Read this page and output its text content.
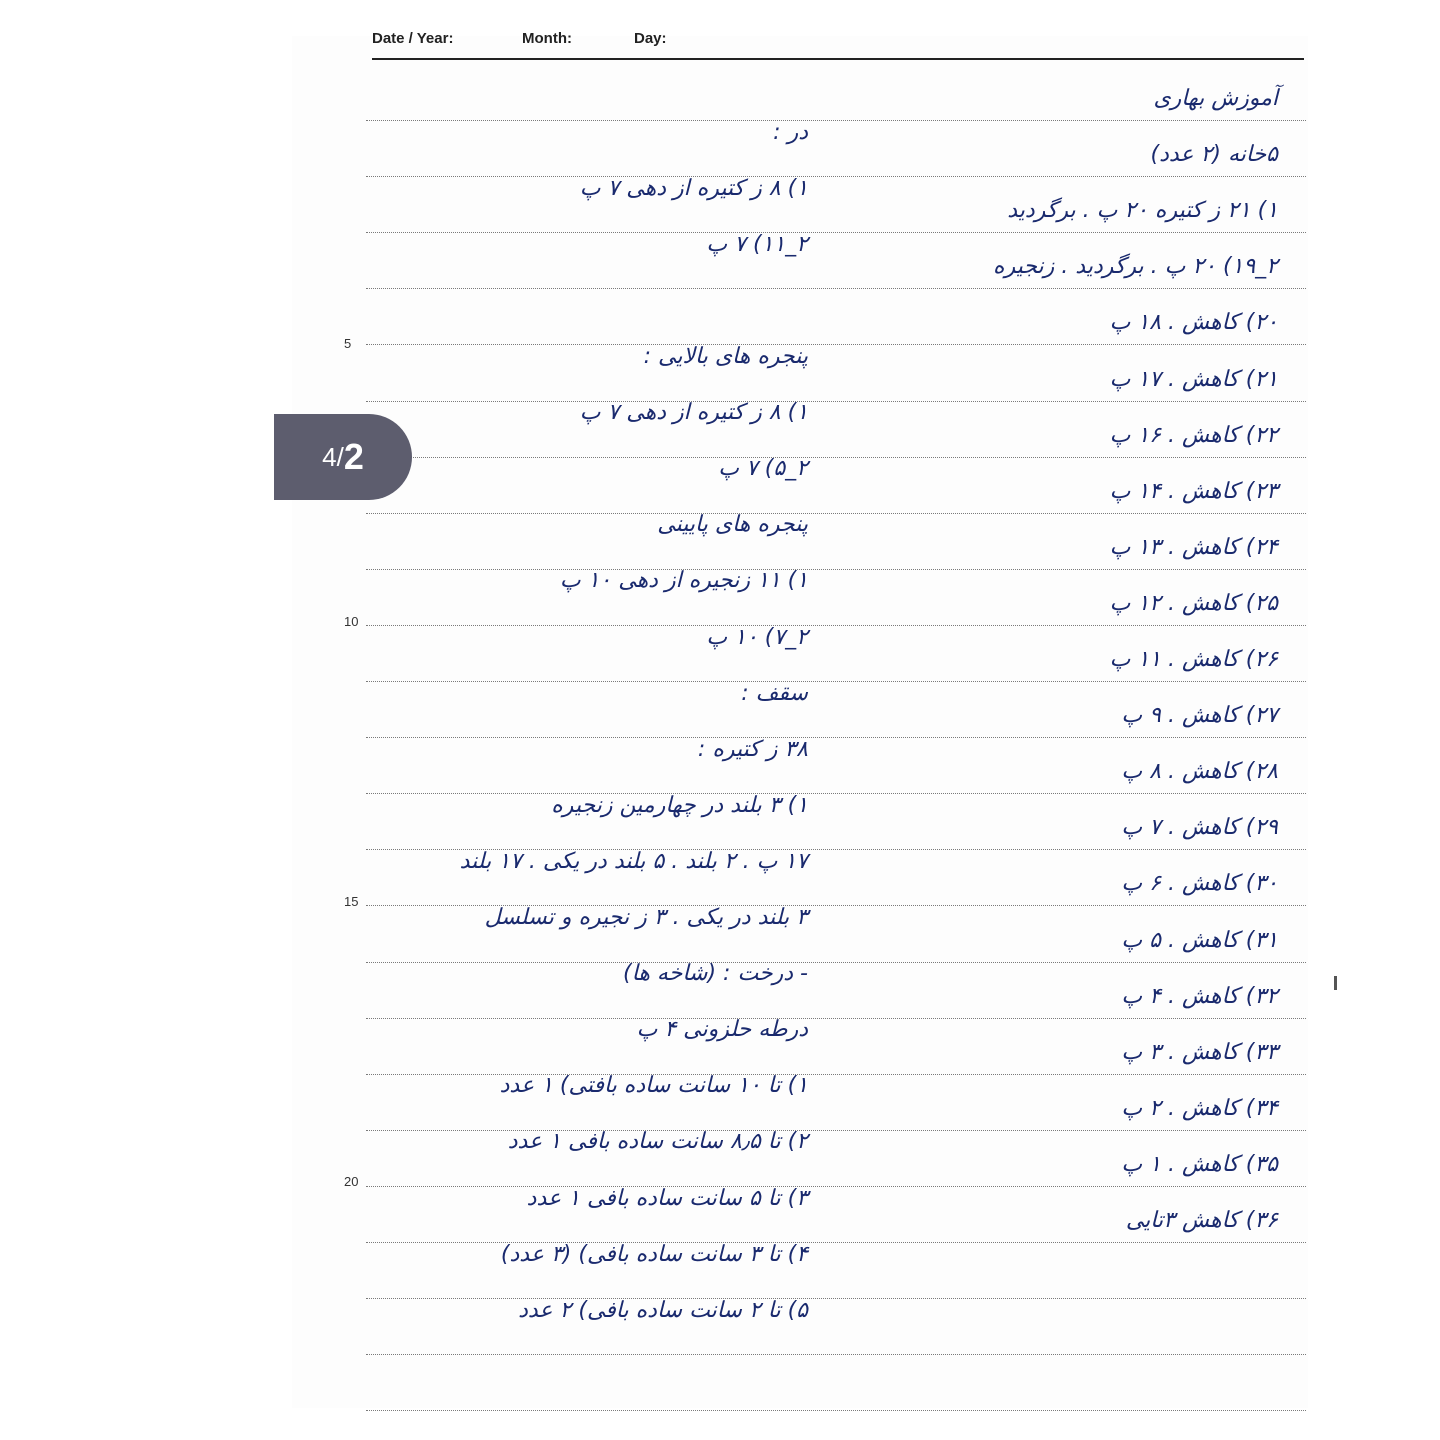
Date / Year:	Month:	Day:
5
10
15
20
آموزش بهاری
۵خانه (۲ عدد)
۱) ۲۱ ز کتیره ۲۰ پ . برگردید
۲_۱۹) ۲۰ پ . برگردید . زنجیره
۲۰) کاهش . ۱۸ پ
۲۱) کاهش . ۱۷ پ
۲۲) کاهش . ۱۶ پ
۲۳) کاهش . ۱۴ پ
۲۴) کاهش . ۱۳ پ
۲۵) کاهش . ۱۲ پ
۲۶) کاهش . ۱۱ پ
۲۷) کاهش . ۹ پ
۲۸) کاهش . ۸ پ
۲۹) کاهش . ۷ پ
۳۰) کاهش . ۶ پ
۳۱) کاهش . ۵ پ
۳۲) کاهش . ۴ پ
۳۳) کاهش . ۳ پ
۳۴) کاهش . ۲ پ
۳۵) کاهش . ۱ پ
۳۶) کاهش ۳تایی
در :
۱) ۸ ز کتیره از دهی ۷ پ
۲_۱۱) ۷ پ
پنجره های بالایی :
۱) ۸ ز کتیره از دهی ۷ پ
۲_۵) ۷ پ
پنجره های پایینی
۱) ۱۱ زنجیره از دهی ۱۰ پ
۲_۷) ۱۰ پ
سقف :
۳۸ ز کتیره :
۱) ۳ بلند در چهارمین زنجیره
۱۷ پ . ۲ بلند . ۵ بلند در یکی . ۱۷ بلند
۳ بلند در یکی . ۳ ز نجیره و تسلسل
- درخت : (شاخه ها)
درطه حلزونی ۴ پ
۱) تا ۱۰ سانت ساده بافتی) ۱ عدد
۲) تا ۸٫۵ سانت ساده بافی ۱ عدد
۳) تا ۵ سانت ساده بافی ۱ عدد
۴) تا ۳ سانت ساده بافی) (۳ عدد)
۵) تا ۲ سانت ساده بافی) ۲ عدد
4 / 2
